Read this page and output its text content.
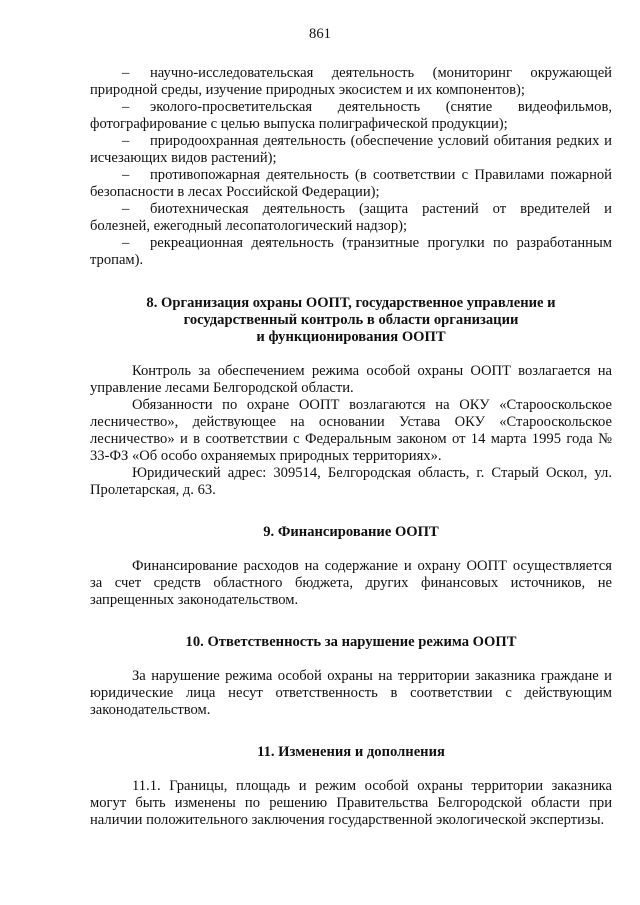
861

– научно-исследовательская деятельность (мониторинг окружающей природной среды, изучение природных экосистем и их компонентов);

– эколого-просветительская деятельность (снятие видеофильмов, фотографирование с целью выпуска полиграфической продукции);

– природоохранная деятельность (обеспечение условий обитания редких и исчезающих видов растений);

– противопожарная деятельность (в соответствии с Правилами пожарной безопасности в лесах Российской Федерации);

– биотехническая деятельность (защита растений от вредителей и болезней, ежегодный лесопатологический надзор);

– рекреационная деятельность (транзитные прогулки по разработанным тропам).

8. Организация охраны ООПТ, государственное управление и
государственный контроль в области организации
и функционирования ООПТ

Контроль за обеспечением режима особой охраны ООПТ возлагается на управление лесами Белгородской области.

Обязанности по охране ООПТ возлагаются на ОКУ «Старооскольское лесничество», действующее на основании Устава ОКУ «Старооскольское лесничество» и в соответствии с Федеральным законом от 14 марта 1995 года № 33-ФЗ «Об особо охраняемых природных территориях».

Юридический адрес: 309514, Белгородская область, г. Старый Оскол, ул. Пролетарская, д. 63.

9. Финансирование ООПТ

Финансирование расходов на содержание и охрану ООПТ осуществляется за счет средств областного бюджета, других финансовых источников, не запрещенных законодательством.

10. Ответственность за нарушение режима ООПТ

За нарушение режима особой охраны на территории заказника граждане и юридические лица несут ответственность в соответствии с действующим законодательством.

11. Изменения и дополнения

11.1. Границы, площадь и режим особой охраны территории заказника могут быть изменены по решению Правительства Белгородской области при наличии положительного заключения государственной экологической экспертизы.
